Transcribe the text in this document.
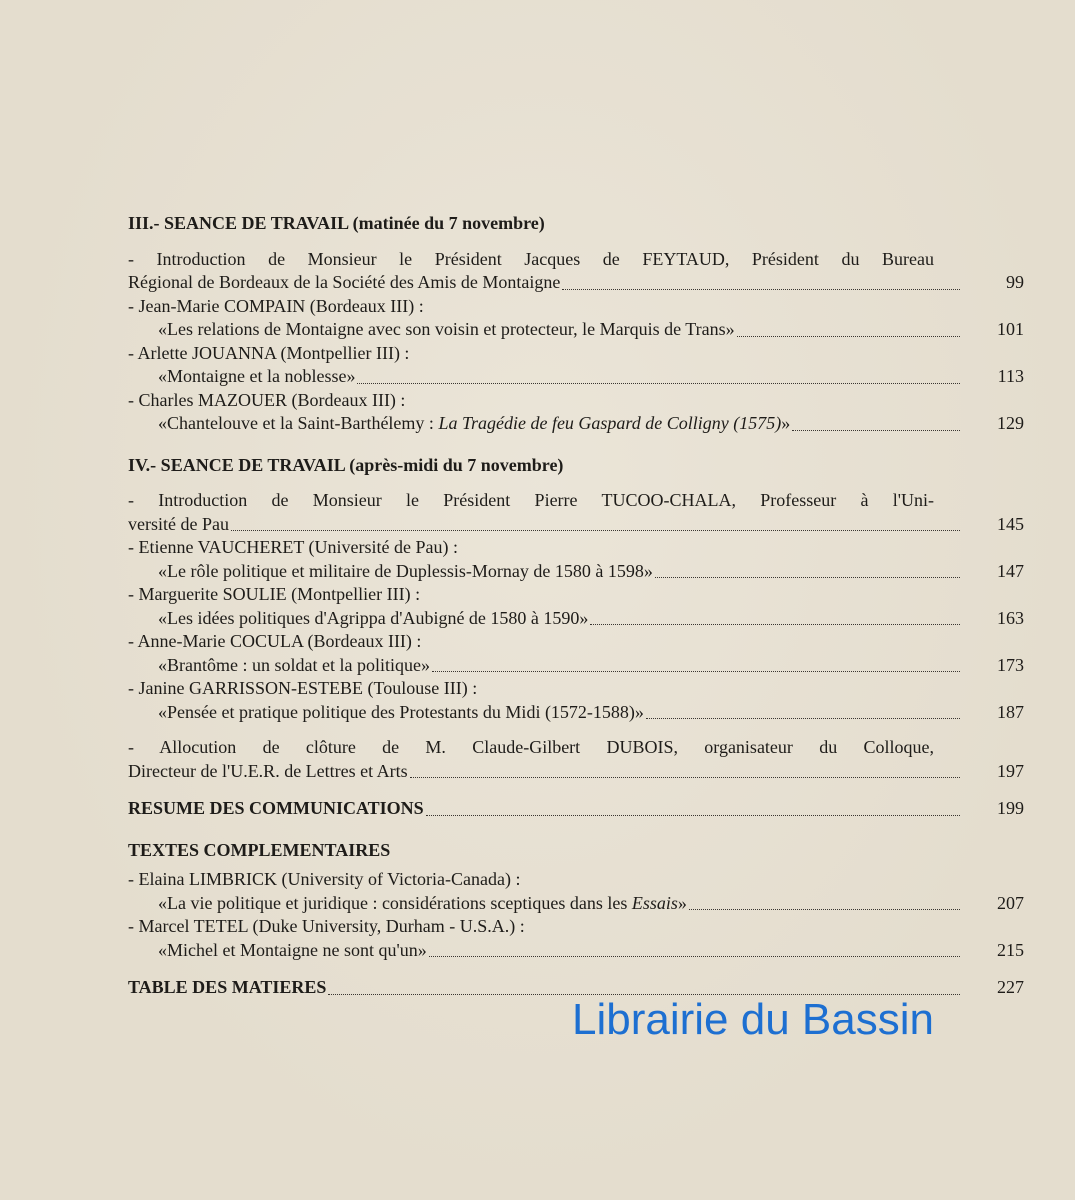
III.- SEANCE DE TRAVAIL (matinée du 7 novembre)

- Introduction de Monsieur le Président Jacques de FEYTAUD, Président du Bureau
Régional de Bordeaux de la Société des Amis de Montaigne	99
- Jean-Marie COMPAIN (Bordeaux III) :
«Les relations de Montaigne avec son voisin et protecteur, le Marquis de Trans»	101
- Arlette JOUANNA (Montpellier III) :
«Montaigne et la noblesse»	113
- Charles MAZOUER (Bordeaux III) :
«Chantelouve et la Saint-Barthélemy : La Tragédie de feu Gaspard de Colligny (1575)»	129

IV.- SEANCE DE TRAVAIL (après-midi du 7 novembre)

- Introduction de Monsieur le Président Pierre TUCOO-CHALA, Professeur à l'Uni-
versité de Pau	145
- Etienne VAUCHERET (Université de Pau) :
«Le rôle politique et militaire de Duplessis-Mornay de 1580 à 1598»	147
- Marguerite SOULIE (Montpellier III) :
«Les idées politiques d'Agrippa d'Aubigné de 1580 à 1590»	163
- Anne-Marie COCULA (Bordeaux III) :
«Brantôme : un soldat et la politique»	173
- Janine GARRISSON-ESTEBE (Toulouse III) :
«Pensée et pratique politique des Protestants du Midi (1572-1588)»	187
- Allocution de clôture de M. Claude-Gilbert DUBOIS, organisateur du Colloque,
Directeur de l'U.E.R. de Lettres et Arts	197
RESUME DES COMMUNICATIONS	199

TEXTES COMPLEMENTAIRES

- Elaina LIMBRICK (University of Victoria-Canada) :
«La vie politique et juridique : considérations sceptiques dans les Essais»	207
- Marcel TETEL (Duke University, Durham - U.S.A.) :
«Michel et Montaigne ne sont qu'un»	215
TABLE DES MATIERES	227
Librairie du Bassin
